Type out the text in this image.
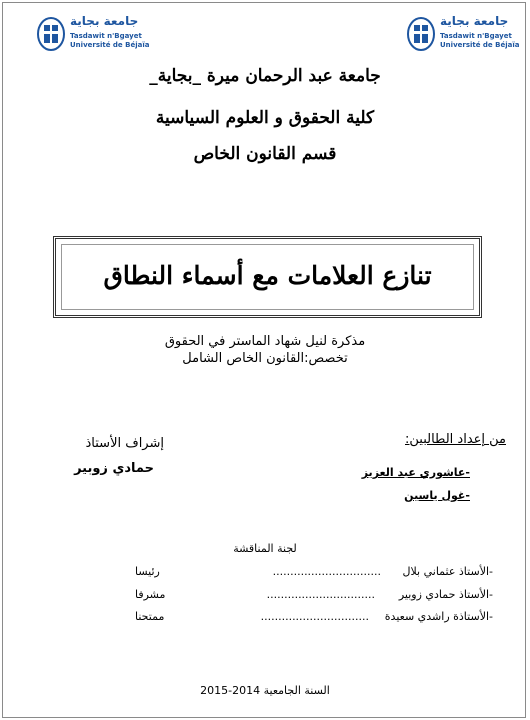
جامعة بجاية
Tasdawit n'Bgayet
Université de Béjaïa
جامعة بجاية
Tasdawit n'Bgayet
Université de Béjaïa
جامعة عبد الرحمان ميرة _بجاية_
كلية الحقوق و العلوم السياسية
قسم القانون الخاص
تنازع العلامات مع أسماء النطاق
مذكرة لنيل شهاد الماستر في الحقوق
تخصص:القانون الخاص الشامل
من إعداد الطالبين:
-عاشوري عبد العزيز
-غول ياسين
إشراف الأستاذ
حمادي زوبير
لجنة المناقشة
-الأستاذ عثماني بلال
...............................
رئيسا
-الأستاذ حمادي زوبير
...............................
مشرفا
-الأستاذة راشدي سعيدة
...............................
ممتحنا
السنة الجامعية 2014-2015
